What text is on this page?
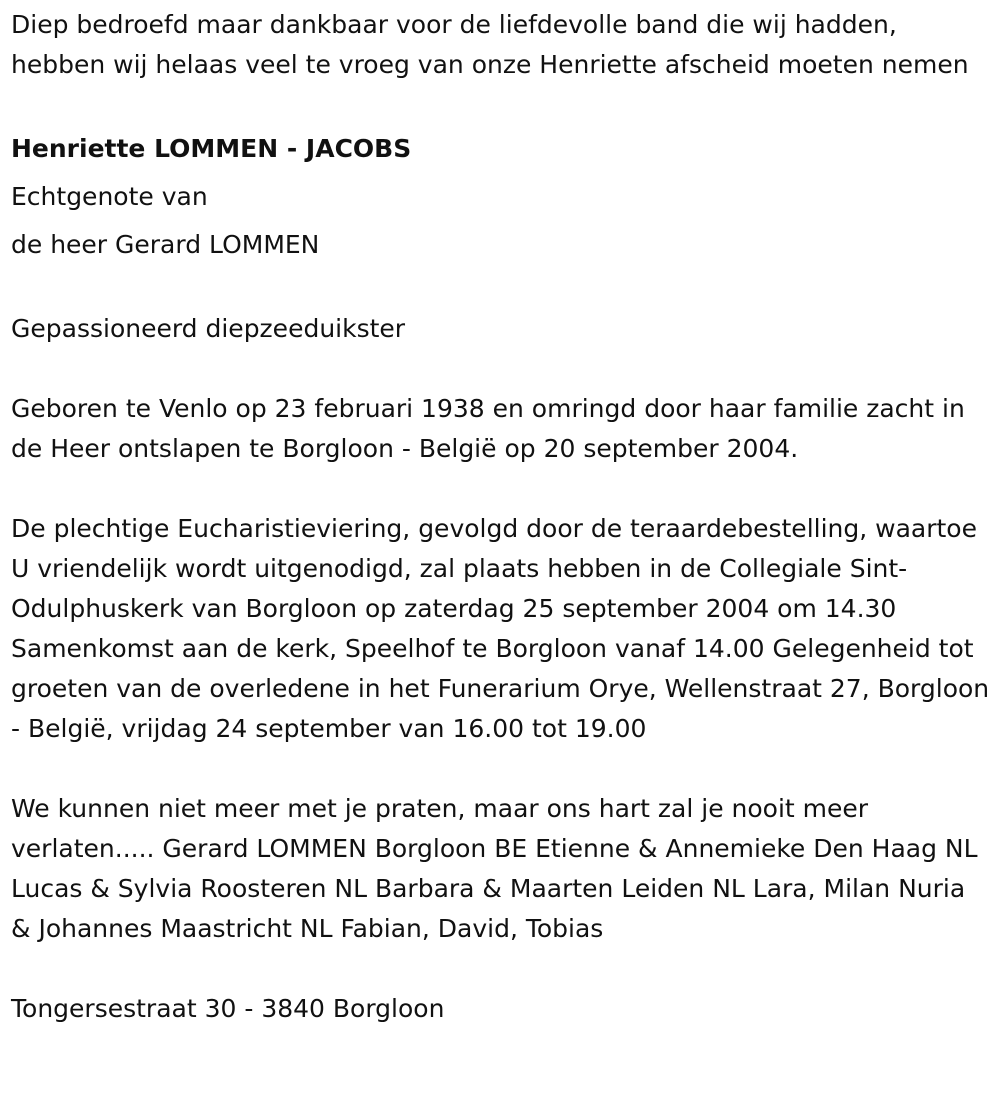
Diep bedroefd maar dankbaar voor de liefdevolle band die wij hadden, hebben wij helaas veel te vroeg van onze Henriette afscheid moeten nemen

Henriette LOMMEN - JACOBS

Echtgenote van

de heer Gerard LOMMEN

Gepassioneerd diepzeeduikster

Geboren te Venlo op 23 februari 1938 en omringd door haar familie zacht in de Heer ontslapen te Borgloon - België op 20 september 2004.

De plechtige Eucharistieviering, gevolgd door de teraardebestelling, waartoe U vriendelijk wordt uitgenodigd, zal plaats hebben in de Collegiale Sint-Odulphuskerk van Borgloon op zaterdag 25 september 2004 om 14.30 Samenkomst aan de kerk, Speelhof te Borgloon vanaf 14.00 Gelegenheid tot groeten van de overledene in het Funerarium Orye, Wellenstraat 27, Borgloon - België, vrijdag 24 september van 16.00 tot 19.00

We kunnen niet meer met je praten, maar ons hart zal je nooit meer verlaten..... Gerard LOMMEN Borgloon BE Etienne & Annemieke Den Haag NL Lucas & Sylvia Roosteren NL Barbara & Maarten Leiden NL Lara, Milan Nuria & Johannes Maastricht NL Fabian, David, Tobias

Tongersestraat 30 - 3840 Borgloon
